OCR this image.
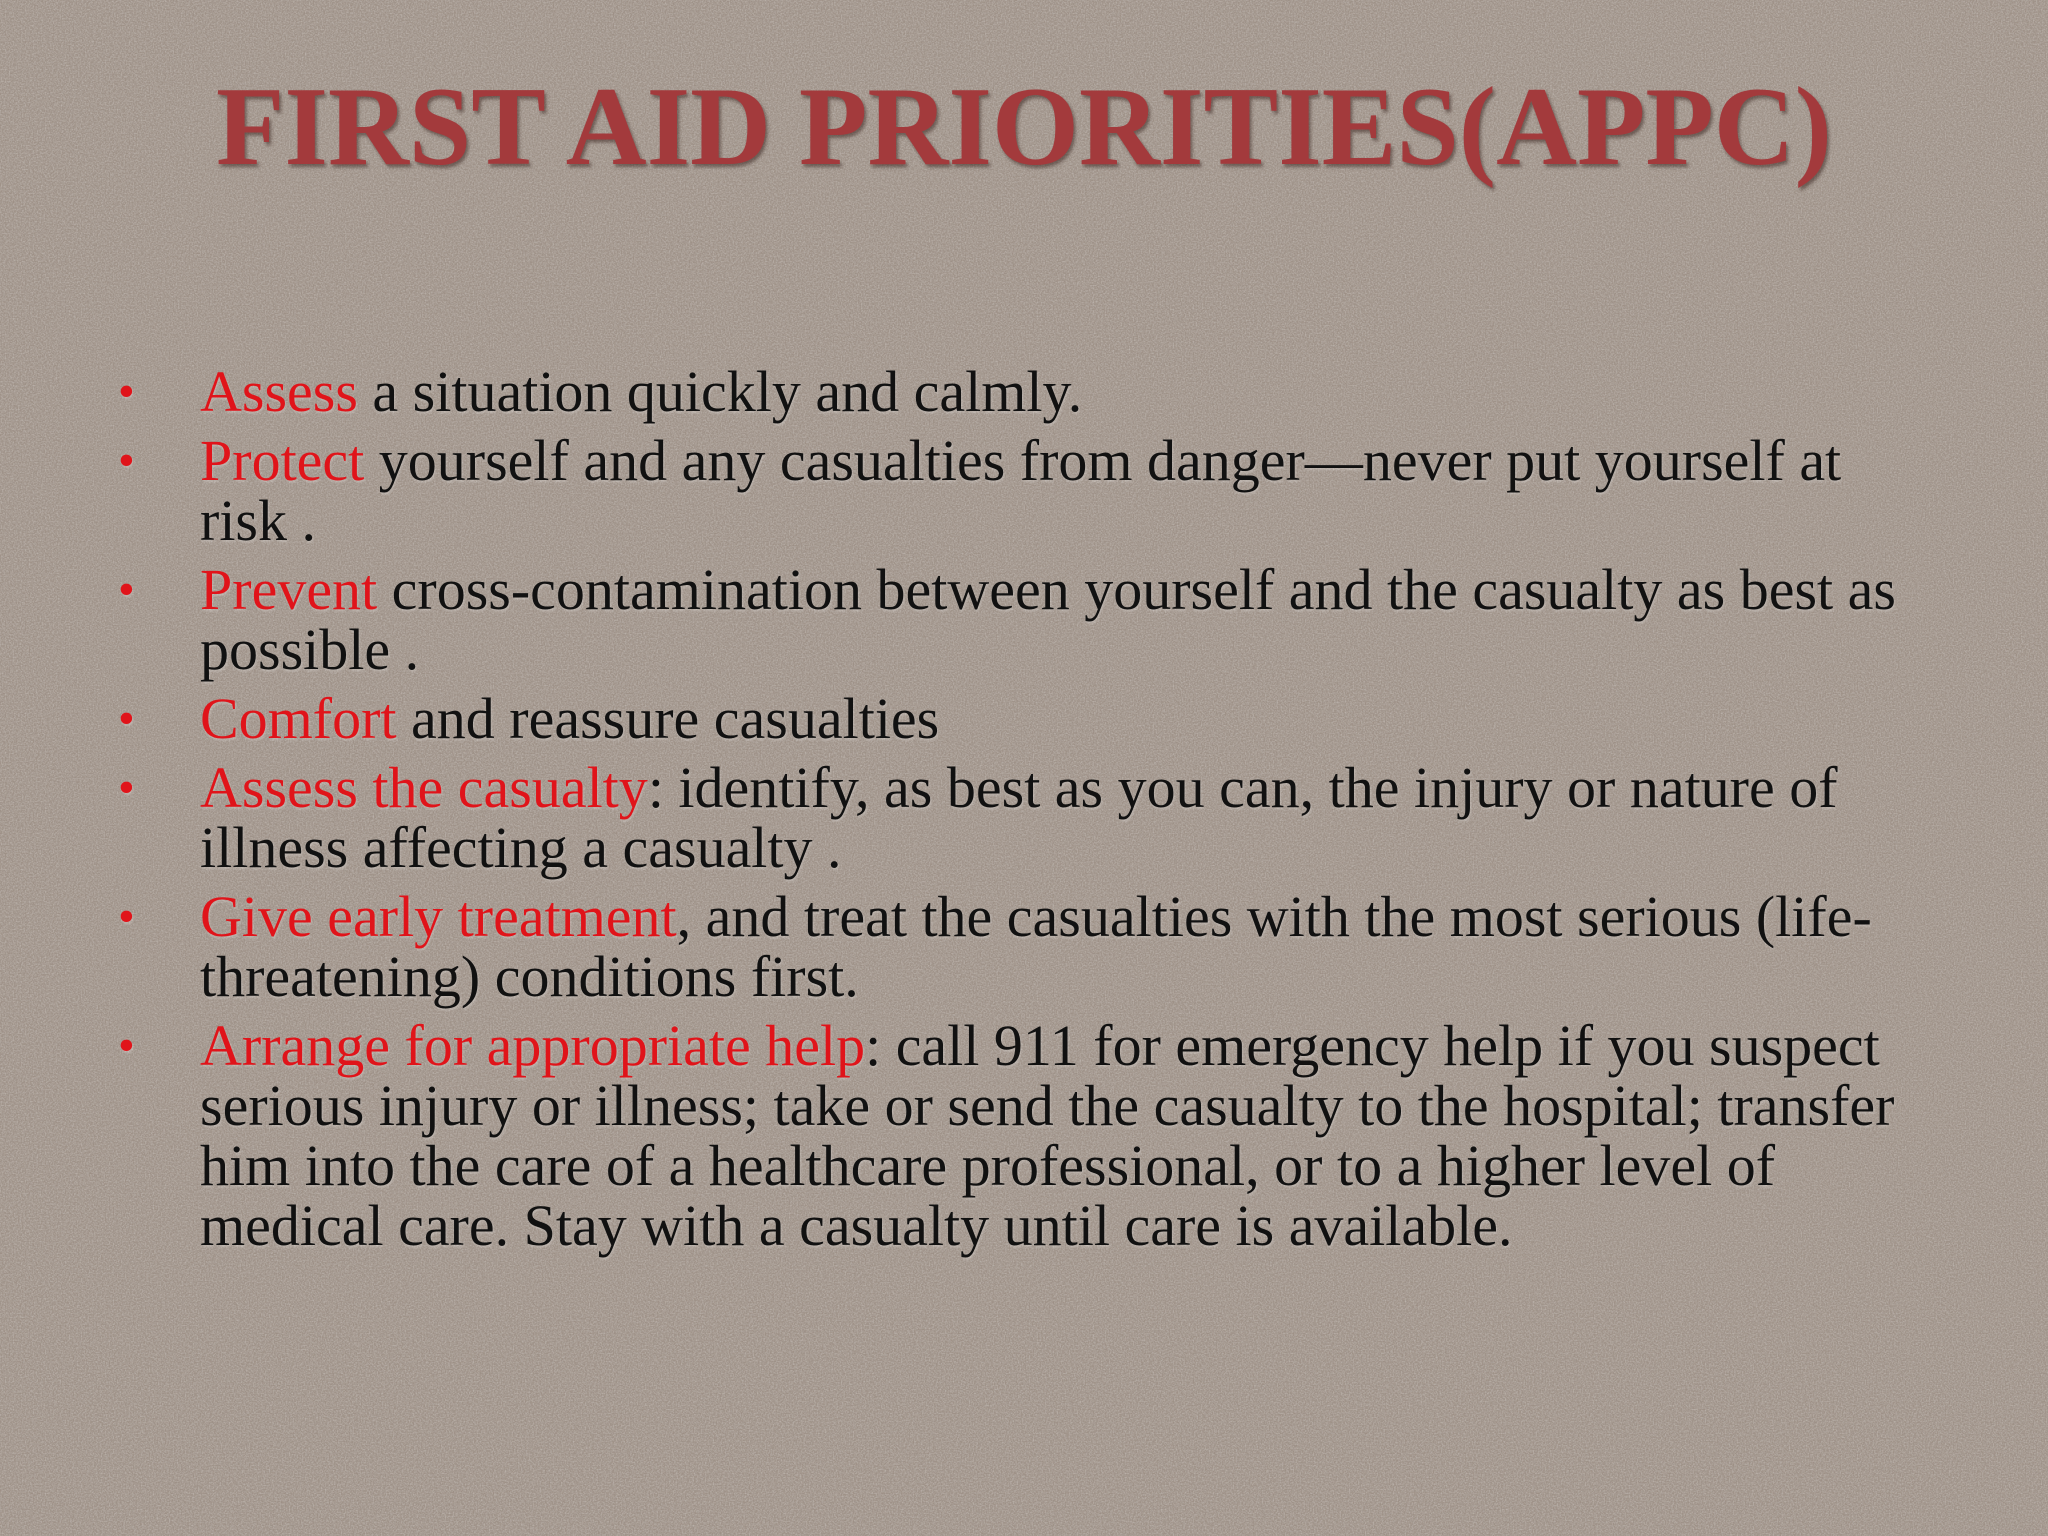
FIRST AID PRIORITIES(APPC)
• Assess a situation quickly and calmly.
• Protect yourself and any casualties from danger—never put yourself at risk .
• Prevent cross-contamination between yourself and the casualty as best as possible .
• Comfort and reassure casualties
• Assess the casualty: identify, as best as you can, the injury or nature of illness affecting a casualty .
• Give early treatment, and treat the casualties with the most serious (life-threatening) conditions first.
• Arrange for appropriate help: call 911 for emergency help if you suspect serious injury or illness; take or send the casualty to the hospital; transfer him into the care of a healthcare professional, or to a higher level of medical care. Stay with a casualty until care is available.
